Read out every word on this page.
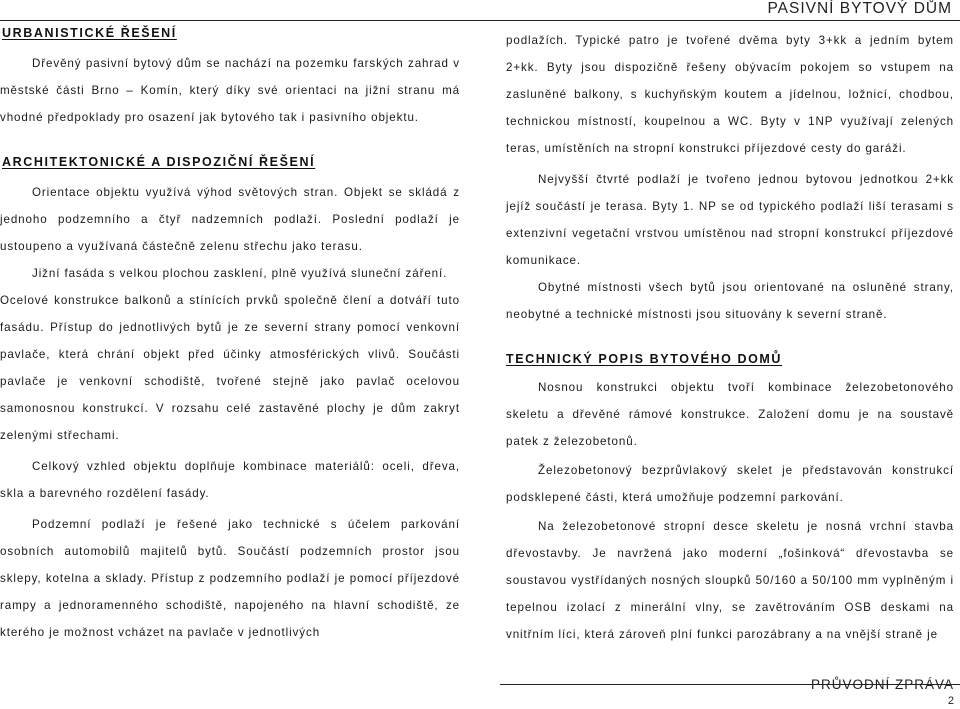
PASIVNÍ BYTOVÝ DŮM
URBANISTICKÉ ŘEŠENÍ

Dřevěný pasivní bytový dům se nachází na pozemku farských zahrad v městské části Brno – Komín, který díky své orientaci na jižní stranu má vhodné předpoklady pro osazení jak bytového tak i pasivního objektu.

ARCHITEKTONICKÉ A DISPOZIČNÍ ŘEŠENÍ

Orientace objektu využívá výhod světových stran. Objekt se skládá z jednoho podzemního a čtyř nadzemních podlaží. Poslední podlaží je ustoupeno a využívaná částečně zelenu střechu jako terasu.

Jižní fasáda s velkou plochou zasklení, plně využívá sluneční záření.

Ocelové konstrukce balkonů a stínících prvků společně člení a dotváří tuto fasádu. Přístup do jednotlivých bytů je ze severní strany pomocí venkovní pavlače, která chrání objekt před účinky atmosférických vlivů. Součásti pavlače je venkovní schodiště, tvořené stejně jako pavlač ocelovou samonosnou konstrukcí. V rozsahu celé zastavěné plochy je dům zakryt zelenými střechami.

Celkový vzhled objektu doplňuje kombinace materiálů: oceli, dřeva, skla a barevného rozdělení fasády.

Podzemní podlaží je řešené jako technické s účelem parkování osobních automobilů majitelů bytů. Součástí podzemních prostor jsou sklepy, kotelna a sklady. Přístup z podzemního podlaží je pomocí příjezdové rampy a jednoramenného schodiště, napojeného na hlavní schodiště, ze kterého je možnost vcházet na pavlače v jednotlivých

podlažích. Typické patro je tvořené dvěma byty 3+kk a jedním bytem 2+kk. Byty jsou dispozičně řešeny obývacím pokojem so vstupem na zasluněné balkony, s kuchyňským koutem a jídelnou, ložnicí, chodbou, technickou místností, koupelnou a WC. Byty v 1NP využívají zelených teras, umístěních na stropní konstrukci příjezdové cesty do garáži.

Nejvyšší čtvrté podlaží je tvořeno jednou bytovou jednotkou 2+kk jejíž součástí je terasa. Byty 1. NP se od typického podlaží liší terasami s extenzivní vegetační vrstvou umístěnou nad stropní konstrukcí příjezdové komunikace.

Obytné místnosti všech bytů jsou orientované na osluněné strany, neobytné a technické místnosti jsou situovány k severní straně.

TECHNICKÝ POPIS BYTOVÉHO DOMŮ

Nosnou konstrukci objektu tvoří kombinace železobetonového skeletu a dřevěné rámové konstrukce. Založení domu je na soustavě patek z železobetonů.

Železobetonový bezprůvlakový skelet je představován konstrukcí podsklepené části, která umožňuje podzemní parkování.

Na železobetonové stropní desce skeletu je nosná vrchní stavba dřevostavby. Je navržená jako moderní „fošinková“ dřevostavba se soustavou vystřídaných nosných sloupků 50/160 a 50/100 mm vyplněným i tepelnou izolací z minerální vlny, se zavětrováním OSB deskami na vnitřním líci, která zároveň plní funkci parozábrany a na vnější straně je

PRŮVODNÍ ZPRÁVA
2
